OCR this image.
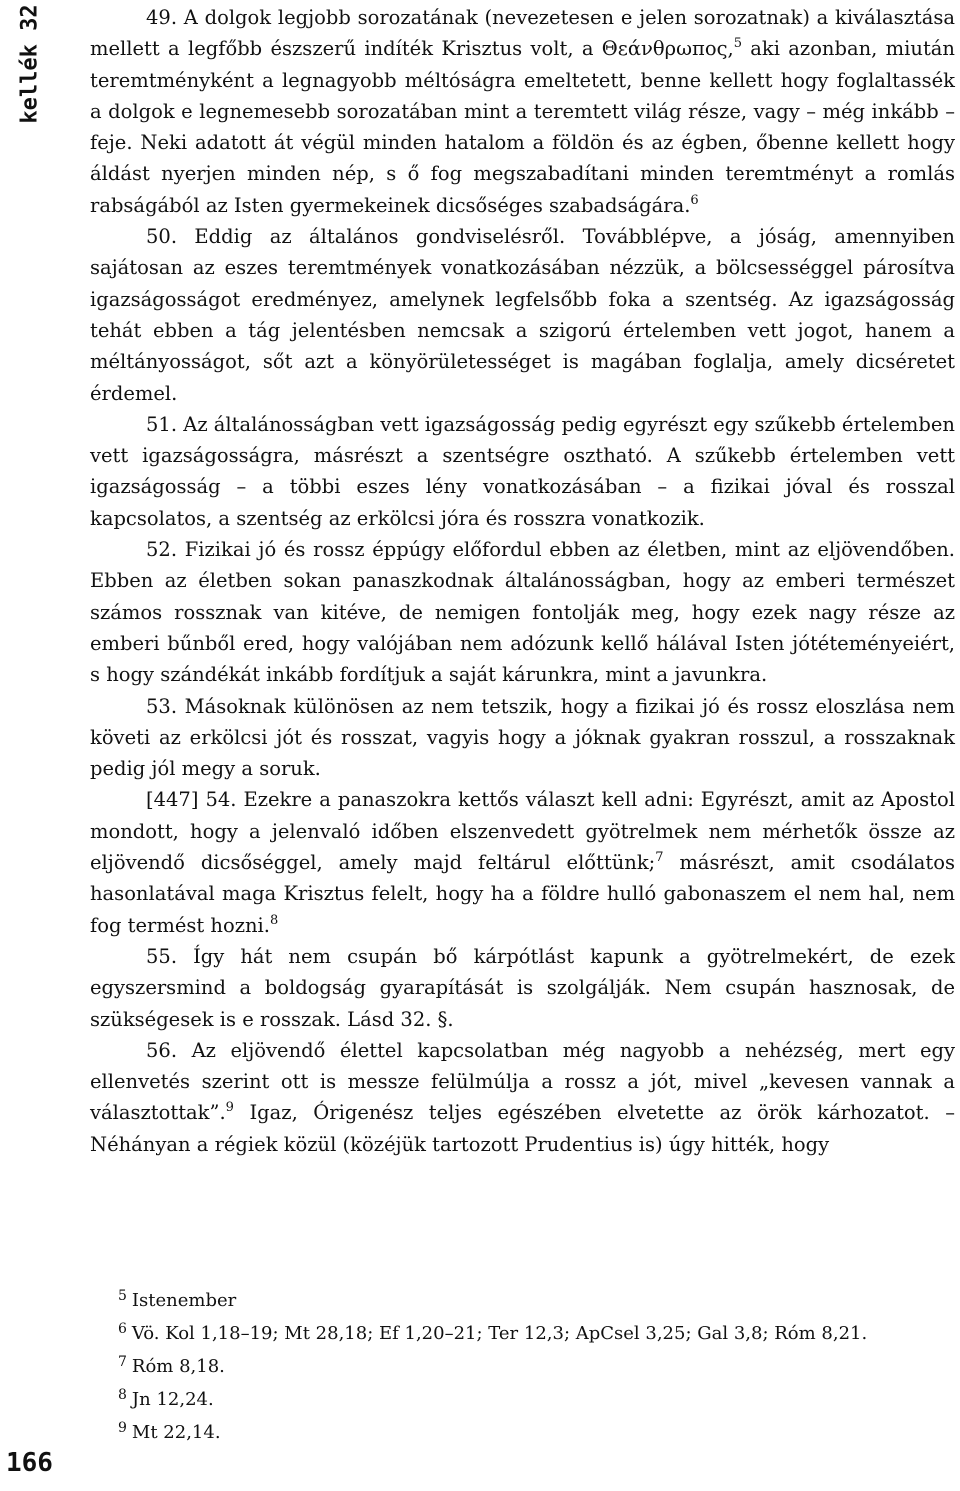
kellék 32	49. A dolgok legjobb sorozatának (nevezetesen e jelen sorozatnak) a kiválasztása mellett a legfőbb észszerű indíték Krisztus volt, a Θεάνθρωπος,$^5$ aki azonban, miután teremtményként a legnagyobb méltóságra emeltetett, benne kellett hogy foglaltassék a dolgok e legnemesebb sorozatában mint a teremtett világ része, vagy – még inkább – feje. Neki adatott át végül minden hatalom a földön és az égben, őbenne kellett hogy áldást nyerjen minden nép, s ő fog megszabadítani minden teremtményt a romlás rabságából az Isten gyermekeinek dicsőséges szabadságára.$^6$

50. Eddig az általános gondviselésről. Továbblépve, a jóság, amennyiben sajátosan az eszes teremtmények vonatkozásában nézzük, a bölcsességgel párosítva igazságosságot eredményez, amelynek legfelsőbb foka a szentség. Az igazságosság tehát ebben a tág jelentésben nemcsak a szigorú értelemben vett jogot, hanem a méltányosságot, sőt azt a könyörületességet is magában foglalja, amely dicséretet érdemel.

51. Az általánosságban vett igazságosság pedig egyrészt egy szűkebb értelemben vett igazságosságra, másrészt a szentségre osztható. A szűkebb értelemben vett igazságosság – a többi eszes lény vonatkozásában – a fizikai jóval és rosszal kapcsolatos, a szentség az erkölcsi jóra és rosszra vonatkozik.

52. Fizikai jó és rossz éppúgy előfordul ebben az életben, mint az eljövendőben. Ebben az életben sokan panaszkodnak általánosságban, hogy az emberi természet számos rossznak van kitéve, de nemigen fontolják meg, hogy ezek nagy része az emberi bűnből ered, hogy valójában nem adózunk kellő hálával Isten jótéteményeiért, s hogy szándékát inkább fordítjuk a saját kárunkra, mint a javunkra.

53. Másoknak különösen az nem tetszik, hogy a fizikai jó és rossz eloszlása nem követi az erkölcsi jót és rosszat, vagyis hogy a jóknak gyakran rosszul, a rosszaknak pedig jól megy a soruk.

[447] 54. Ezekre a panaszokra kettős választ kell adni: Egyrészt, amit az Apostol mondott, hogy a jelenvaló időben elszenvedett gyötrelmek nem mérhetők össze az eljövendő dicsőséggel, amely majd feltárul előttünk;$^7$ másrészt, amit csodálatos hasonlatával maga Krisztus felelt, hogy ha a földre hulló gabonaszem el nem hal, nem fog termést hozni.$^8$

55. Így hát nem csupán bő kárpótlást kapunk a gyötrelmekért, de ezek egyszersmind a boldogság gyarapítását is szolgálják. Nem csupán hasznosak, de szükségesek is e rosszak. Lásd 32. §.

56. Az eljövendő élettel kapcsolatban még nagyobb a nehézség, mert egy ellenvetés szerint ott is messze felülmúlja a rossz a jót, mivel „kevesen vannak a választottak”.$^9$ Igaz, Órigenész teljes egészében elvetette az örök kárhozatot. – Néhányan a régiek közül (közéjük tartozott Prudentius is) úgy hitték, hogy

$^5$ Istenember
$^6$ Vö. Kol 1,18–19; Mt 28,18; Ef 1,20–21; Ter 12,3; ApCsel 3,25; Gal 3,8; Róm 8,21.
$^7$ Róm 8,18.
$^8$ Jn 12,24.
$^9$ Mt 22,14.
166
